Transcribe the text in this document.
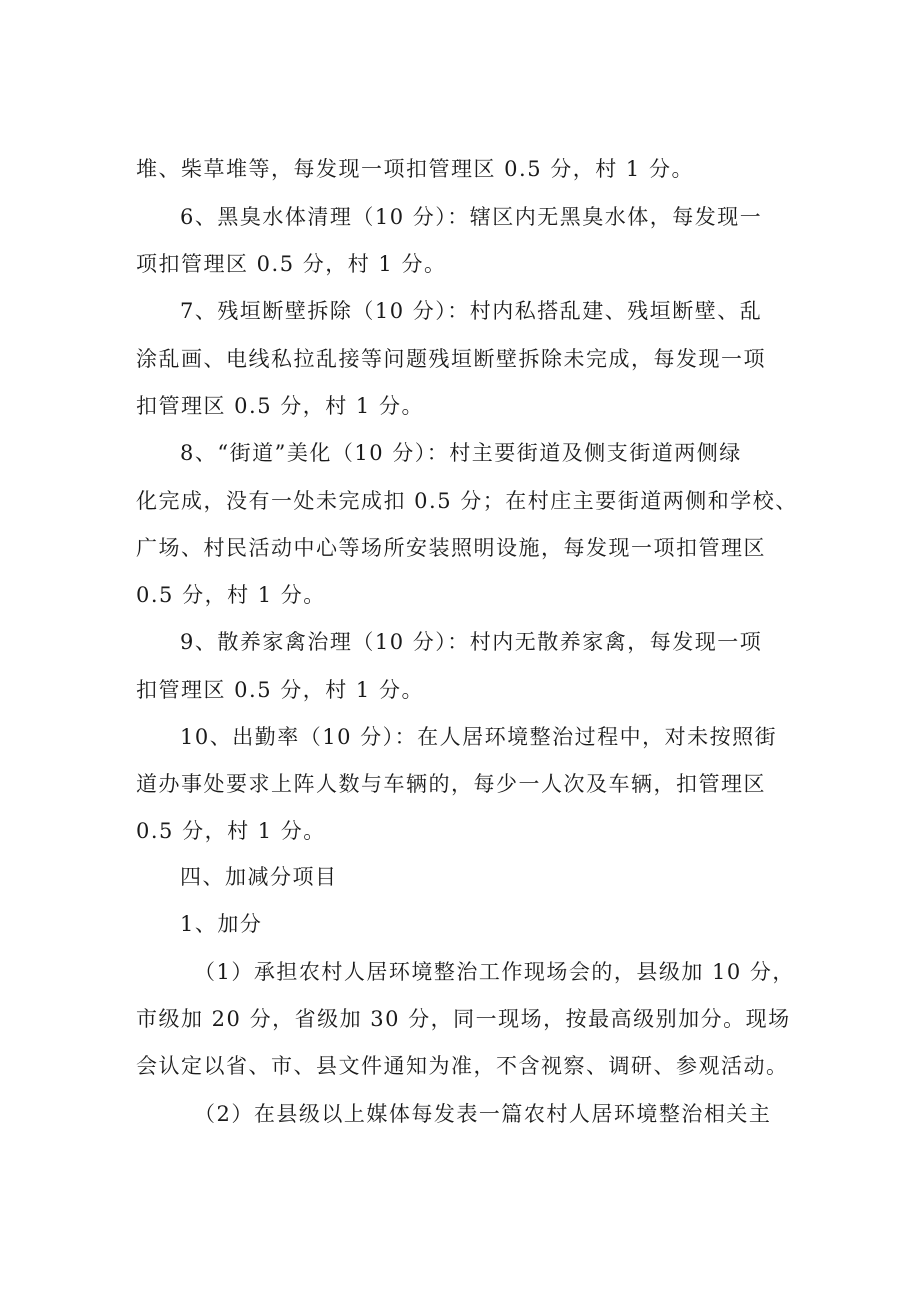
堆、柴草堆等，每发现一项扣管理区 0.5 分，村 1 分。
6、黑臭水体清理（10 分）：辖区内无黑臭水体，每发现一
项扣管理区 0.5 分，村 1 分。
7、残垣断壁拆除（10 分）：村内私搭乱建、残垣断壁、乱
涂乱画、电线私拉乱接等问题残垣断壁拆除未完成，每发现一项
扣管理区 0.5 分，村 1 分。
8、“街道”美化（10 分）：村主要街道及侧支街道两侧绿
化完成，没有一处未完成扣 0.5 分；在村庄主要街道两侧和学校、
广场、村民活动中心等场所安装照明设施，每发现一项扣管理区
0.5 分，村 1 分。
9、散养家禽治理（10 分）：村内无散养家禽，每发现一项
扣管理区 0.5 分，村 1 分。
10、出勤率（10 分）：在人居环境整治过程中，对未按照街
道办事处要求上阵人数与车辆的，每少一人次及车辆，扣管理区
0.5 分，村 1 分。
四、加减分项目
1、加分
（1）承担农村人居环境整治工作现场会的，县级加 10 分，
市级加 20 分，省级加 30 分，同一现场，按最高级别加分。现场
会认定以省、市、县文件通知为准，不含视察、调研、参观活动。
（2）在县级以上媒体每发表一篇农村人居环境整治相关主
